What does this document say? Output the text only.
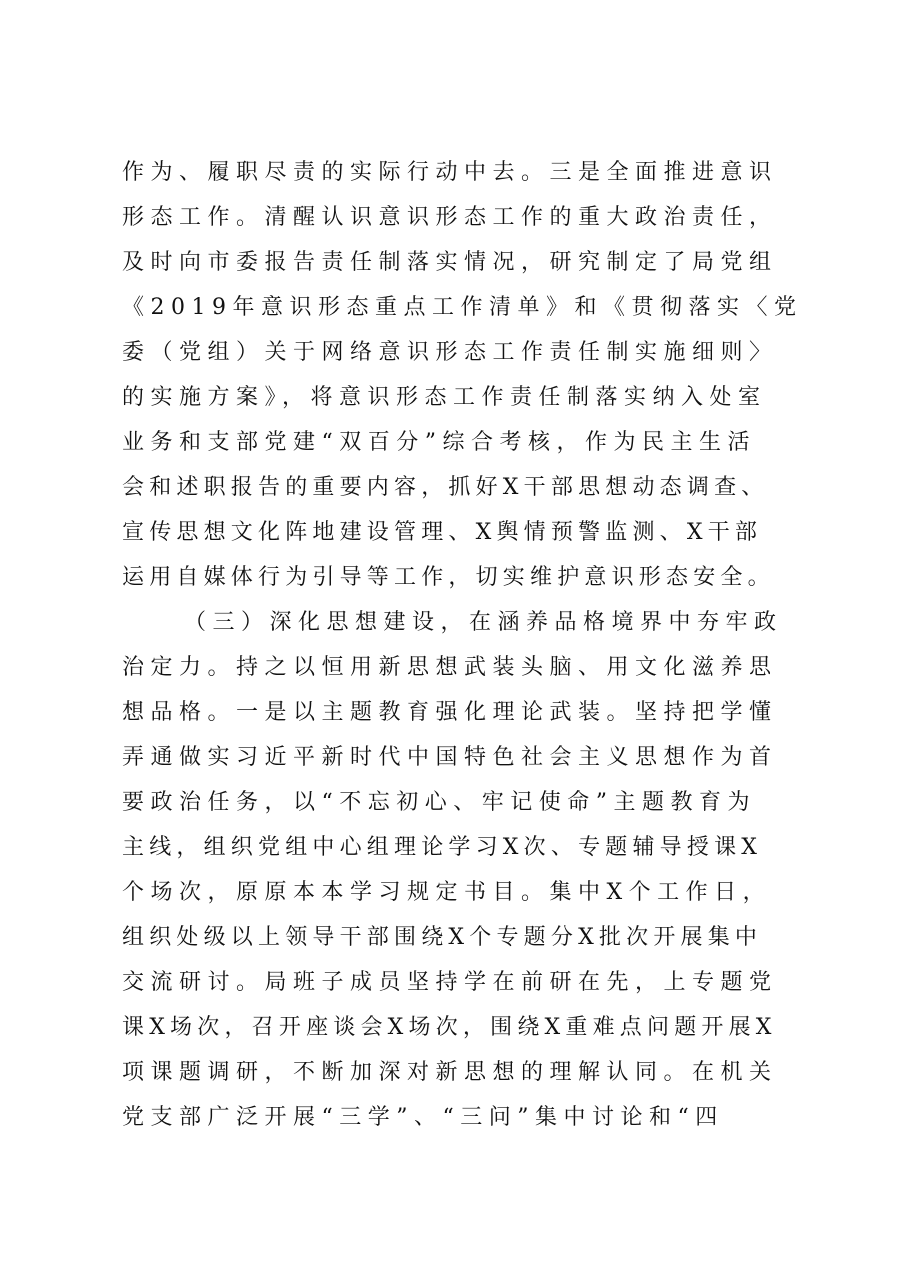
作为、履职尽责的实际行动中去。三是全面推进意识
形态工作。清醒认识意识形态工作的重大政治责任，
及时向市委报告责任制落实情况，研究制定了局党组
《2019年意识形态重点工作清单》和《贯彻落实〈党
委（党组）关于网络意识形态工作责任制实施细则〉
的实施方案》，将意识形态工作责任制落实纳入处室
业务和支部党建“双百分”综合考核，作为民主生活
会和述职报告的重要内容，抓好X干部思想动态调查、
宣传思想文化阵地建设管理、X舆情预警监测、X干部
运用自媒体行为引导等工作，切实维护意识形态安全。
（三）深化思想建设，在涵养品格境界中夯牢政
治定力。持之以恒用新思想武装头脑、用文化滋养思
想品格。一是以主题教育强化理论武装。坚持把学懂
弄通做实习近平新时代中国特色社会主义思想作为首
要政治任务，以“不忘初心、牢记使命”主题教育为
主线，组织党组中心组理论学习X次、专题辅导授课X
个场次，原原本本学习规定书目。集中X个工作日，
组织处级以上领导干部围绕X个专题分X批次开展集中
交流研讨。局班子成员坚持学在前研在先，上专题党
课X场次，召开座谈会X场次，围绕X重难点问题开展X
项课题调研，不断加深对新思想的理解认同。在机关
党支部广泛开展“三学”、“三问”集中讨论和“四
